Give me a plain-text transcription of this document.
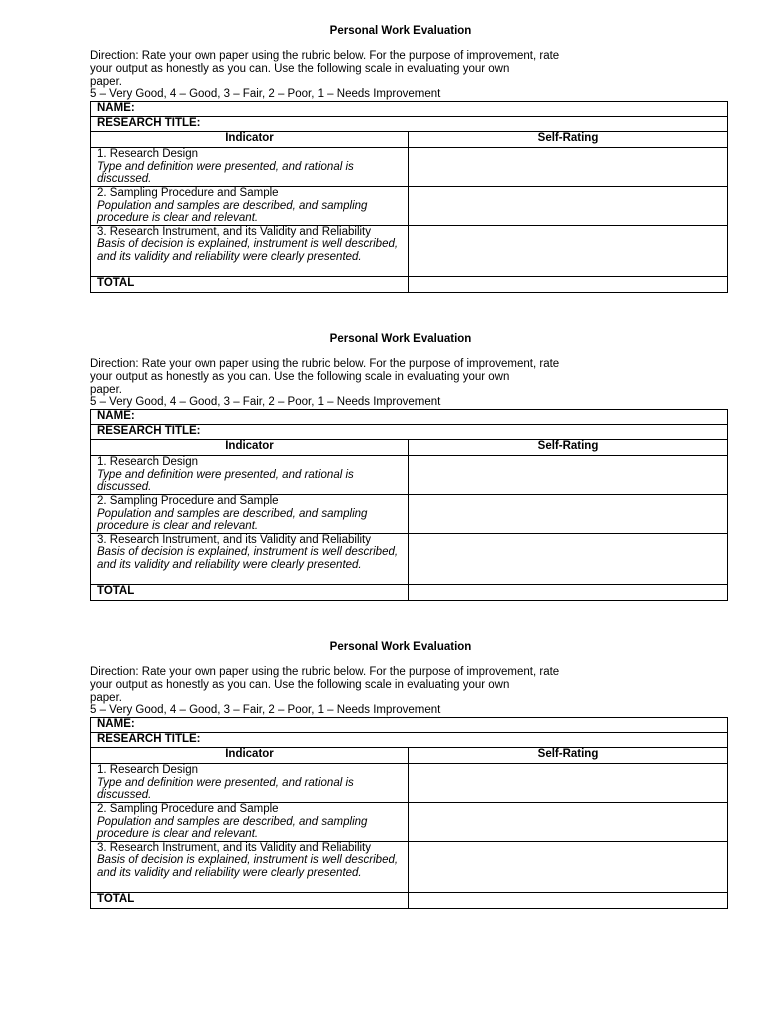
Personal Work Evaluation
Direction: Rate your own paper using the rubric below. For the purpose of improvement, rate
your output as honestly as you can. Use the following scale in evaluating your own
paper.
5 – Very Good, 4 – Good, 3 – Fair, 2 – Poor, 1 – Needs Improvement
NAME:	
RESEARCH TITLE:	
Indicator	Self-Rating
1. Research Design
Type and definition were presented, and rational is discussed.	

2. Sampling Procedure and Sample
Population and samples are described, and sampling procedure is clear and relevant.	

3. Research Instrument, and its Validity and Reliability
Basis of decision is explained, instrument is well described, and its validity and reliability were clearly presented.	

TOTAL	
Personal Work Evaluation
Direction: Rate your own paper using the rubric below. For the purpose of improvement, rate
your output as honestly as you can. Use the following scale in evaluating your own
paper.
5 – Very Good, 4 – Good, 3 – Fair, 2 – Poor, 1 – Needs Improvement
NAME:	
RESEARCH TITLE:	
Indicator	Self-Rating
1. Research Design
Type and definition were presented, and rational is discussed.	

2. Sampling Procedure and Sample
Population and samples are described, and sampling procedure is clear and relevant.	

3. Research Instrument, and its Validity and Reliability
Basis of decision is explained, instrument is well described, and its validity and reliability were clearly presented.	

TOTAL	
Personal Work Evaluation
Direction: Rate your own paper using the rubric below. For the purpose of improvement, rate
your output as honestly as you can. Use the following scale in evaluating your own
paper.
5 – Very Good, 4 – Good, 3 – Fair, 2 – Poor, 1 – Needs Improvement
NAME:	
RESEARCH TITLE:	
Indicator	Self-Rating
1. Research Design
Type and definition were presented, and rational is discussed.	

2. Sampling Procedure and Sample
Population and samples are described, and sampling procedure is clear and relevant.	

3. Research Instrument, and its Validity and Reliability
Basis of decision is explained, instrument is well described, and its validity and reliability were clearly presented.	

TOTAL	
